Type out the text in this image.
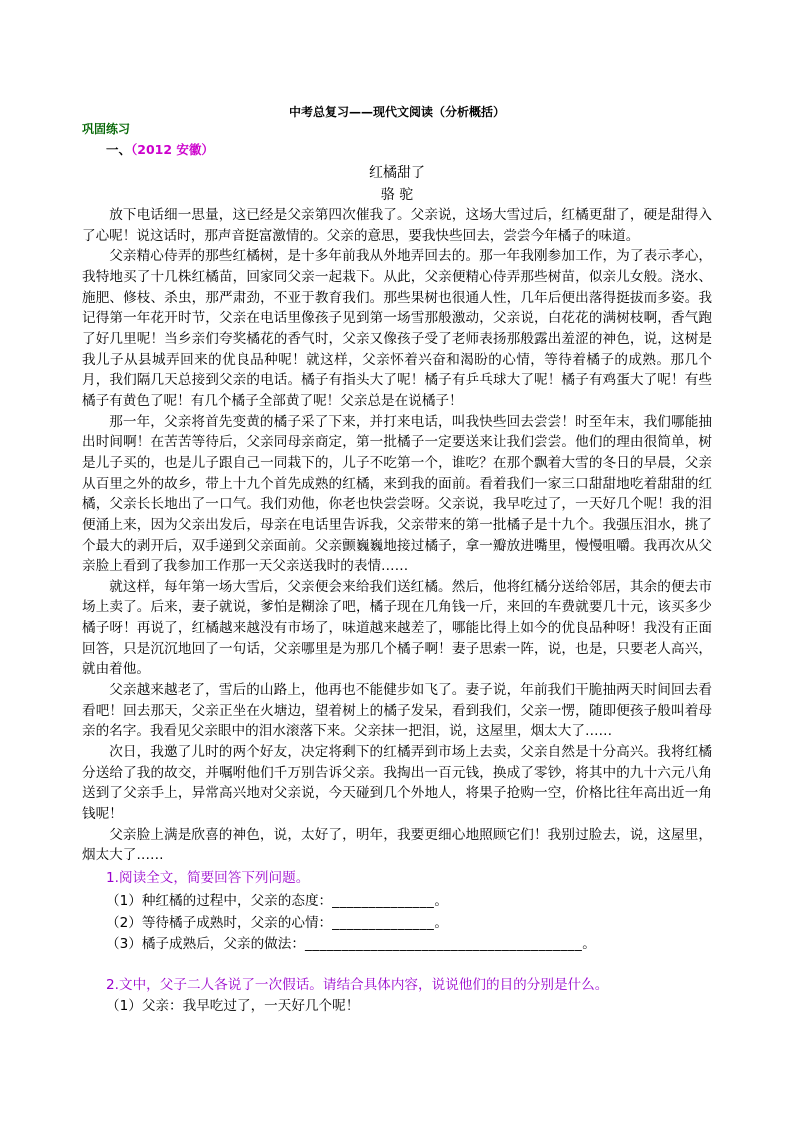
中考总复习——现代文阅读（分析概括）
巩固练习
一、（2012 安徽）
红橘甜了
骆 驼

放下电话细一思量，这已经是父亲第四次催我了。父亲说，这场大雪过后，红橘更甜了，硬是甜得入了心呢！说这话时，那声音挺富激情的。父亲的意思，要我快些回去，尝尝今年橘子的味道。

父亲精心侍弄的那些红橘树，是十多年前我从外地弄回去的。那一年我刚参加工作，为了表示孝心，我特地买了十几株红橘苗，回家同父亲一起栽下。从此，父亲便精心侍弄那些树苗，似亲儿女般。浇水、施肥、修枝、杀虫，那严肃劲，不亚于教育我们。那些果树也很通人性，几年后便出落得挺拔而多姿。我记得第一年花开时节，父亲在电话里像孩子见到第一场雪那般激动，父亲说，白花花的满树枝啊，香气跑了好几里呢！当乡亲们夸奖橘花的香气时，父亲又像孩子受了老师表扬那般露出羞涩的神色，说，这树是我儿子从县城弄回来的优良品种呢！就这样，父亲怀着兴奋和渴盼的心情，等待着橘子的成熟。那几个月，我们隔几天总接到父亲的电话。橘子有指头大了呢！橘子有乒乓球大了呢！橘子有鸡蛋大了呢！有些橘子有黄色了呢！有几个橘子全部黄了呢！父亲总是在说橘子！

那一年，父亲将首先变黄的橘子采了下来，并打来电话，叫我快些回去尝尝！时至年末，我们哪能抽出时间啊！在苦苦等待后，父亲同母亲商定，第一批橘子一定要送来让我们尝尝。他们的理由很简单，树是儿子买的，也是儿子跟自己一同栽下的，儿子不吃第一个，谁吃？在那个飘着大雪的冬日的早晨，父亲从百里之外的故乡，带上十九个首先成熟的红橘，来到我的面前。看着我们一家三口甜甜地吃着甜甜的红橘，父亲长长地出了一口气。我们劝他，你老也快尝尝呀。父亲说，我早吃过了，一天好几个呢！我的泪便涌上来，因为父亲出发后，母亲在电话里告诉我，父亲带来的第一批橘子是十九个。我强压泪水，挑了个最大的剥开后，双手递到父亲面前。父亲颤巍巍地接过橘子，拿一瓣放进嘴里，慢慢咀嚼。我再次从父亲脸上看到了我参加工作那一天父亲送我时的表情……

就这样，每年第一场大雪后，父亲便会来给我们送红橘。然后，他将红橘分送给邻居，其余的便去市场上卖了。后来，妻子就说，爹怕是糊涂了吧，橘子现在几角钱一斤，来回的车费就要几十元，该买多少橘子呀！再说了，红橘越来越没有市场了，味道越来越差了，哪能比得上如今的优良品种呀！我没有正面回答，只是沉沉地回了一句话，父亲哪里是为那几个橘子啊！妻子思索一阵，说，也是，只要老人高兴，就由着他。

父亲越来越老了，雪后的山路上，他再也不能健步如飞了。妻子说，年前我们干脆抽两天时间回去看看吧！回去那天，父亲正坐在火塘边，望着树上的橘子发呆，看到我们，父亲一愣，随即便孩子般叫着母亲的名字。我看见父亲眼中的泪水滚落下来。父亲抹一把泪，说，这屋里，烟太大了……

次日，我邀了儿时的两个好友，决定将剩下的红橘弄到市场上去卖，父亲自然是十分高兴。我将红橘分送给了我的故交，并嘱咐他们千万别告诉父亲。我掏出一百元钱，换成了零钞，将其中的九十六元八角送到了父亲手上，异常高兴地对父亲说，今天碰到几个外地人，将果子抢购一空，价格比往年高出近一角钱呢！

父亲脸上满是欣喜的神色，说，太好了，明年，我要更细心地照顾它们！我别过脸去，说，这屋里，烟太大了……

1.阅读全文，简要回答下列问题。
（1）种红橘的过程中，父亲的态度：______________。
（2）等待橘子成熟时，父亲的心情：______________。
（3）橘子成熟后，父亲的做法：______________________________________。
2.文中，父子二人各说了一次假话。请结合具体内容，说说他们的目的分别是什么。
（1）父亲：我早吃过了，一天好几个呢！
